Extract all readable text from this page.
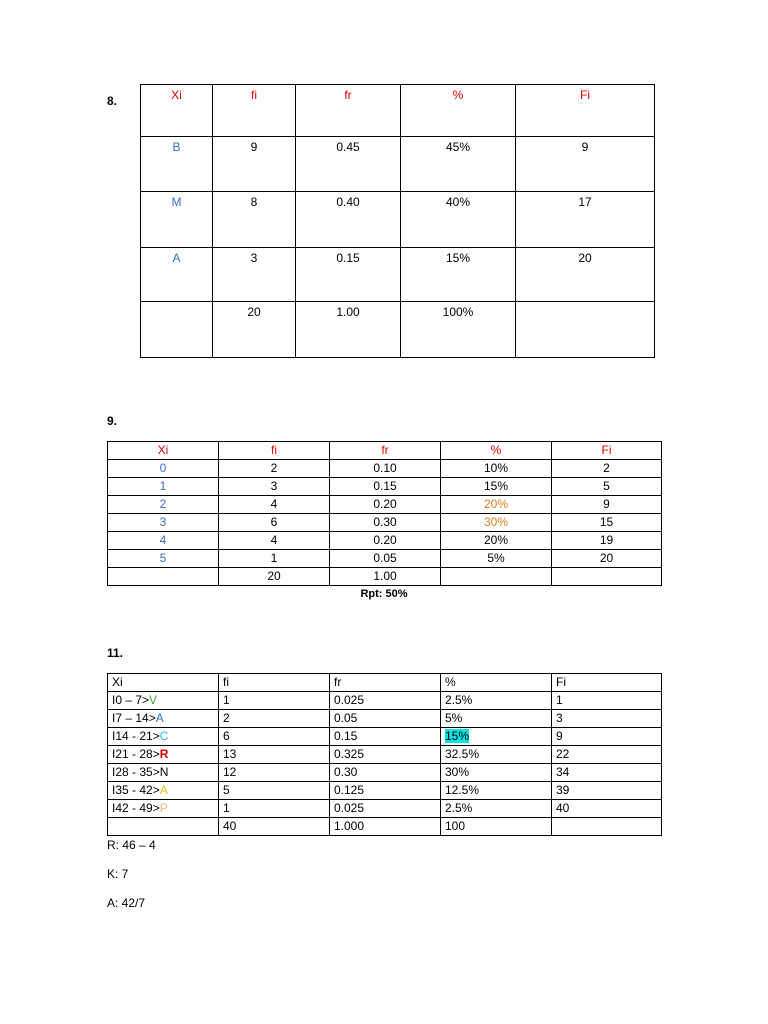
8.	Xi	fi	fr	%	Fi
B	9	0.45	45%	9
M	8	0.40	40%	17
A	3	0.15	15%	20
	20	1.00	100%	
9.
Xi	fi	fr	%	Fi
0	2	0.10	10%	2
1	3	0.15	15%	5
2	4	0.20	20%	9
3	6	0.30	30%	15
4	4	0.20	20%	19
5	1	0.05	5%	20
	20	1.00		
Rpt: 50%
11.
Xi	fi	fr	%	Fi
I0 – 7>V	1	0.025	2.5%	1
I7 – 14>A	2	0.05	5%	3
I14 - 21>C	6	0.15	15%	9
I21 - 28>R	13	0.325	32.5%	22
I28 - 35>N	12	0.30	30%	34
I35 - 42>A	5	0.125	12.5%	39
I42 - 49>P	1	0.025	2.5%	40
	40	1.000	100	
R: 46 – 4
K: 7
A: 42/7
